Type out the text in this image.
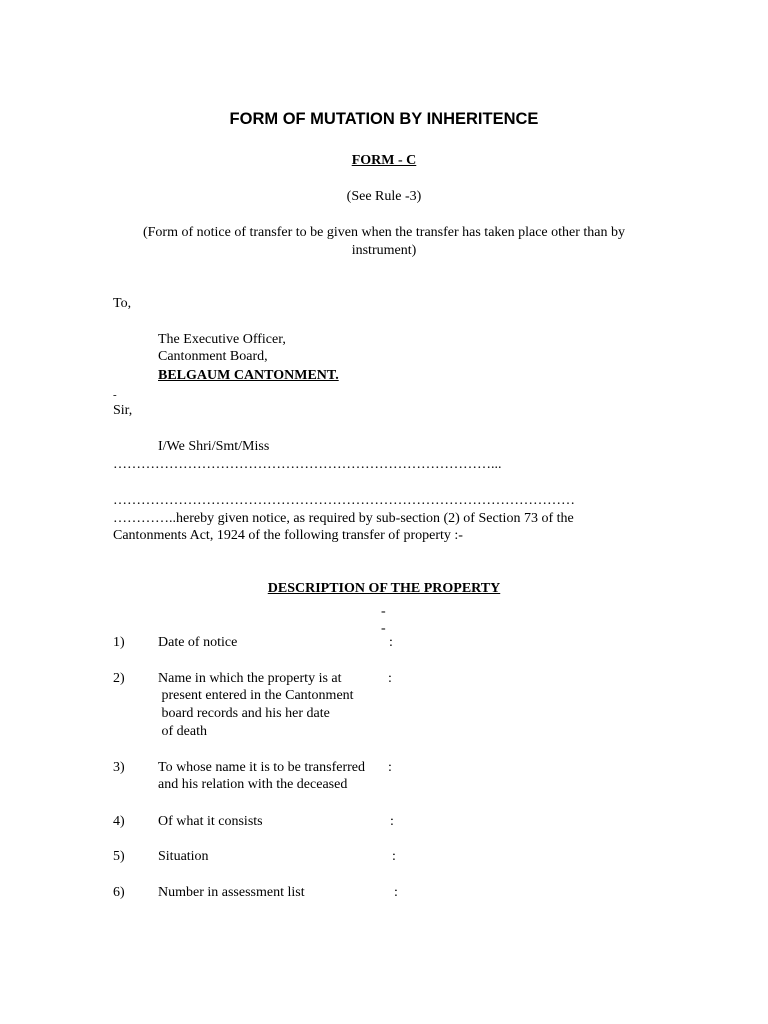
FORM OF MUTATION BY INHERITENCE
FORM - C
(See Rule -3)
(Form of notice of transfer to be given when the transfer has taken place other than by
instrument)
To,
The Executive Officer,
Cantonment Board,
BELGAUM CANTONMENT.
-
Sir,
I/We Shri/Smt/Miss
………………………………………………………………………...
………………………………………………………………………………………
…………..hereby given notice, as required by sub-section (2) of Section 73 of the
Cantonments Act, 1924 of the following transfer of property :-
DESCRIPTION OF THE PROPERTY
-
-
1) Date of notice	:
2) Name in which the property is at
present entered in the Cantonment
board records and his her date
of death
:
3) To whose name it is to be transferred
and his relation with the deceased
:
4) Of what it consists	:
5) Situation	:
6) Number in assessment list	:
